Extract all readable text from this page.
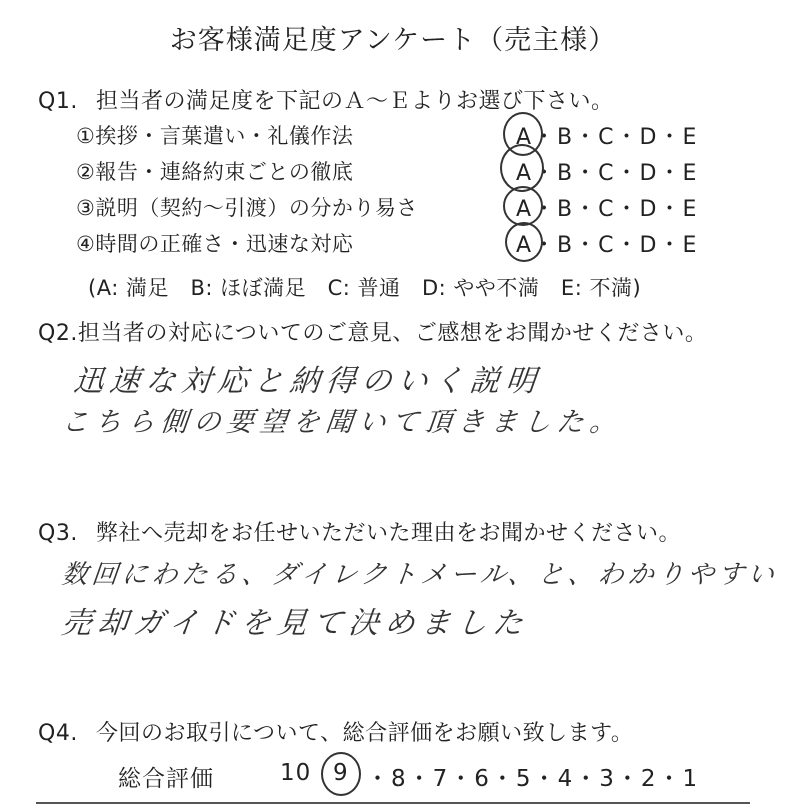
お客様満足度アンケート（売主様）
Q1. 担当者の満足度を下記のＡ～Ｅよりお選び下さい。
①挨拶・言葉遣い・礼儀作法	A・B・C・D・E
②報告・連絡約束ごとの徹底	A・B・C・D・E
③説明（契約～引渡）の分かり易さ	A・B・C・D・E
④時間の正確さ・迅速な対応	A・B・C・D・E
(A: 満足　B: ほぼ満足　C: 普通　D: やや不満　E: 不満)
Q2.担当者の対応についてのご意見、ご感想をお聞かせください。
迅速な対応と納得のいく説明
こちら側の要望を聞いて頂きました。
Q3. 弊社へ売却をお任せいただいた理由をお聞かせください。
数回にわたる、ダイレクトメール、と、わかりやすい
売却ガイドを見て決めました
Q4. 今回のお取引について、総合評価をお願い致します。
総合評価	10 9 ・8・7・6・5・4・3・2・1
